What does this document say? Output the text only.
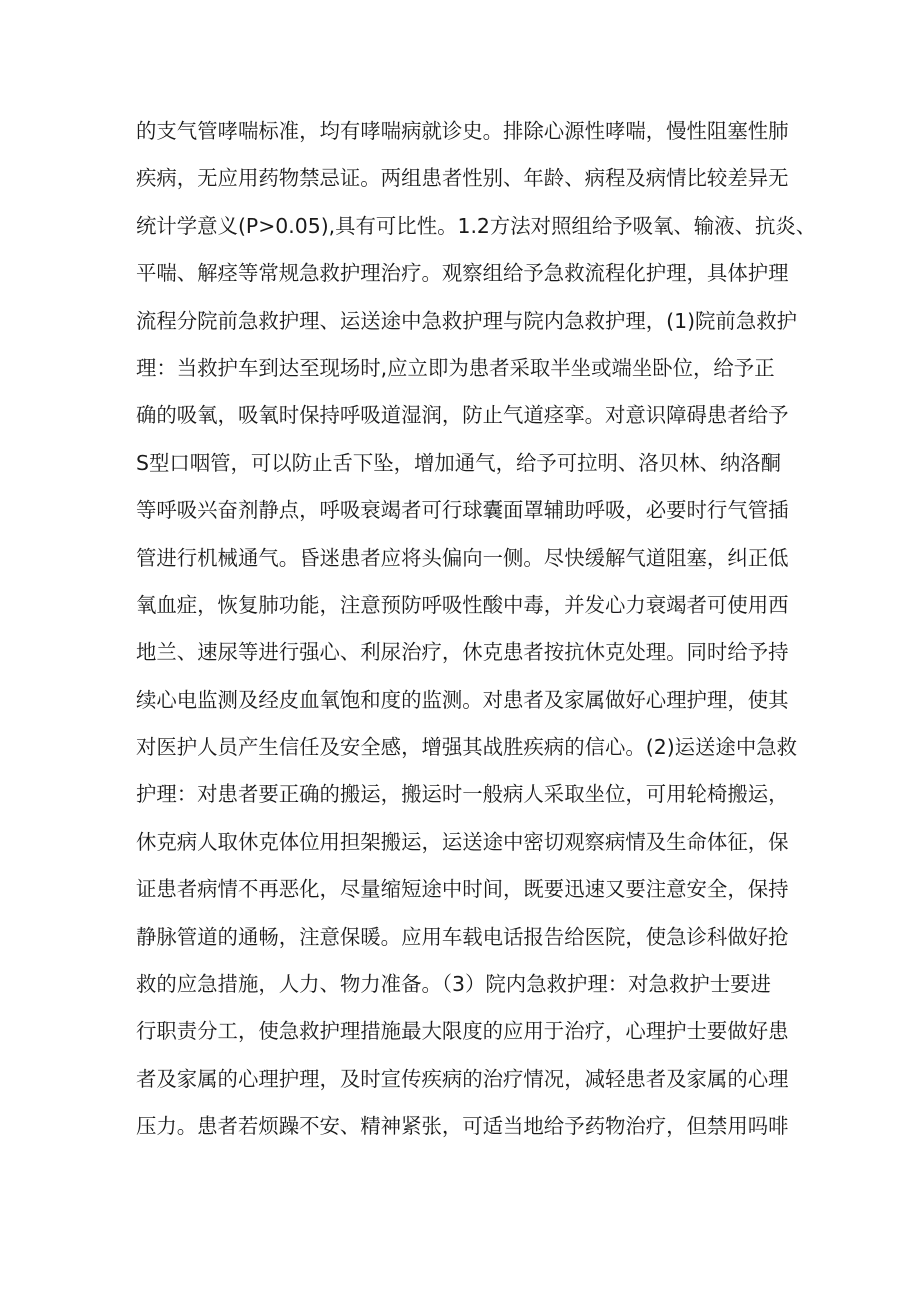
的支气管哮喘标准，均有哮喘病就诊史。排除心源性哮喘，慢性阻塞性肺
疾病，无应用药物禁忌证。两组患者性别、年龄、病程及病情比较差异无
统计学意义(P>0.05),具有可比性。1.2方法对照组给予吸氧、输液、抗炎、
平喘、解痉等常规急救护理治疗。观察组给予急救流程化护理，具体护理
流程分院前急救护理、运送途中急救护理与院内急救护理，(1)院前急救护
理：当救护车到达至现场时,应立即为患者采取半坐或端坐卧位，给予正
确的吸氧，吸氧时保持呼吸道湿润，防止气道痉挛。对意识障碍患者给予
S型口咽管，可以防止舌下坠，增加通气，给予可拉明、洛贝林、纳洛酮
等呼吸兴奋剂静点，呼吸衰竭者可行球囊面罩辅助呼吸，必要时行气管插
管进行机械通气。昏迷患者应将头偏向一侧。尽快缓解气道阻塞，纠正低
氧血症，恢复肺功能，注意预防呼吸性酸中毒，并发心力衰竭者可使用西
地兰、速尿等进行强心、利尿治疗，休克患者按抗休克处理。同时给予持
续心电监测及经皮血氧饱和度的监测。对患者及家属做好心理护理，使其
对医护人员产生信任及安全感，增强其战胜疾病的信心。(2)运送途中急救
护理：对患者要正确的搬运，搬运时一般病人采取坐位，可用轮椅搬运，
休克病人取休克体位用担架搬运，运送途中密切观察病情及生命体征，保
证患者病情不再恶化，尽量缩短途中时间，既要迅速又要注意安全，保持
静脉管道的通畅，注意保暖。应用车载电话报告给医院，使急诊科做好抢
救的应急措施，人力、物力准备。（3）院内急救护理：对急救护士要进
行职责分工，使急救护理措施最大限度的应用于治疗，心理护士要做好患
者及家属的心理护理，及时宣传疾病的治疗情况，减轻患者及家属的心理
压力。患者若烦躁不安、精神紧张，可适当地给予药物治疗，但禁用吗啡
